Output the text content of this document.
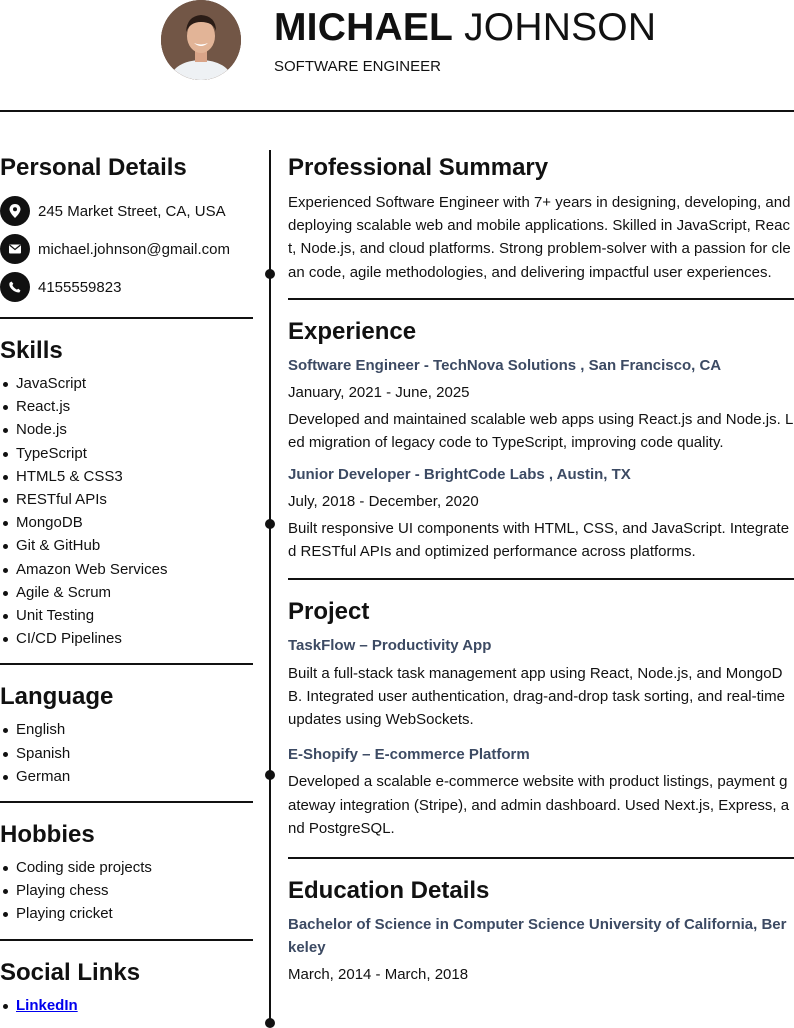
MICHAEL JOHNSON
SOFTWARE ENGINEER
Personal Details
245 Market Street, CA, USA
michael.johnson@gmail.com
4155559823
Skills
JavaScript
React.js
Node.js
TypeScript
HTML5 & CSS3
RESTful APIs
MongoDB
Git & GitHub
Amazon Web Services
Agile & Scrum
Unit Testing
CI/CD Pipelines
Language
English
Spanish
German
Hobbies
Coding side projects
Playing chess
Playing cricket
Social Links
LinkedIn
Professional Summary

Experienced Software Engineer with 7+ years in designing, developing, and deploying scalable web and mobile applications. Skilled in JavaScript, React, Node.js, and cloud platforms. Strong problem-solver with a passion for clean code, agile methodologies, and delivering impactful user experiences.

Experience

Software Engineer - TechNova Solutions , San Francisco, CA

January, 2021 - June, 2025

Developed and maintained scalable web apps using React.js and Node.js. Led migration of legacy code to TypeScript, improving code quality.

Junior Developer - BrightCode Labs , Austin, TX

July, 2018 - December, 2020

Built responsive UI components with HTML, CSS, and JavaScript. Integrated RESTful APIs and optimized performance across platforms.

Project

TaskFlow – Productivity App

Built a full-stack task management app using React, Node.js, and MongoDB. Integrated user authentication, drag-and-drop task sorting, and real-time updates using WebSockets.

E-Shopify – E-commerce Platform

Developed a scalable e-commerce website with product listings, payment gateway integration (Stripe), and admin dashboard. Used Next.js, Express, and PostgreSQL.

Education Details

Bachelor of Science in Computer Science University of California, Berkeley

March, 2014 - March, 2018
